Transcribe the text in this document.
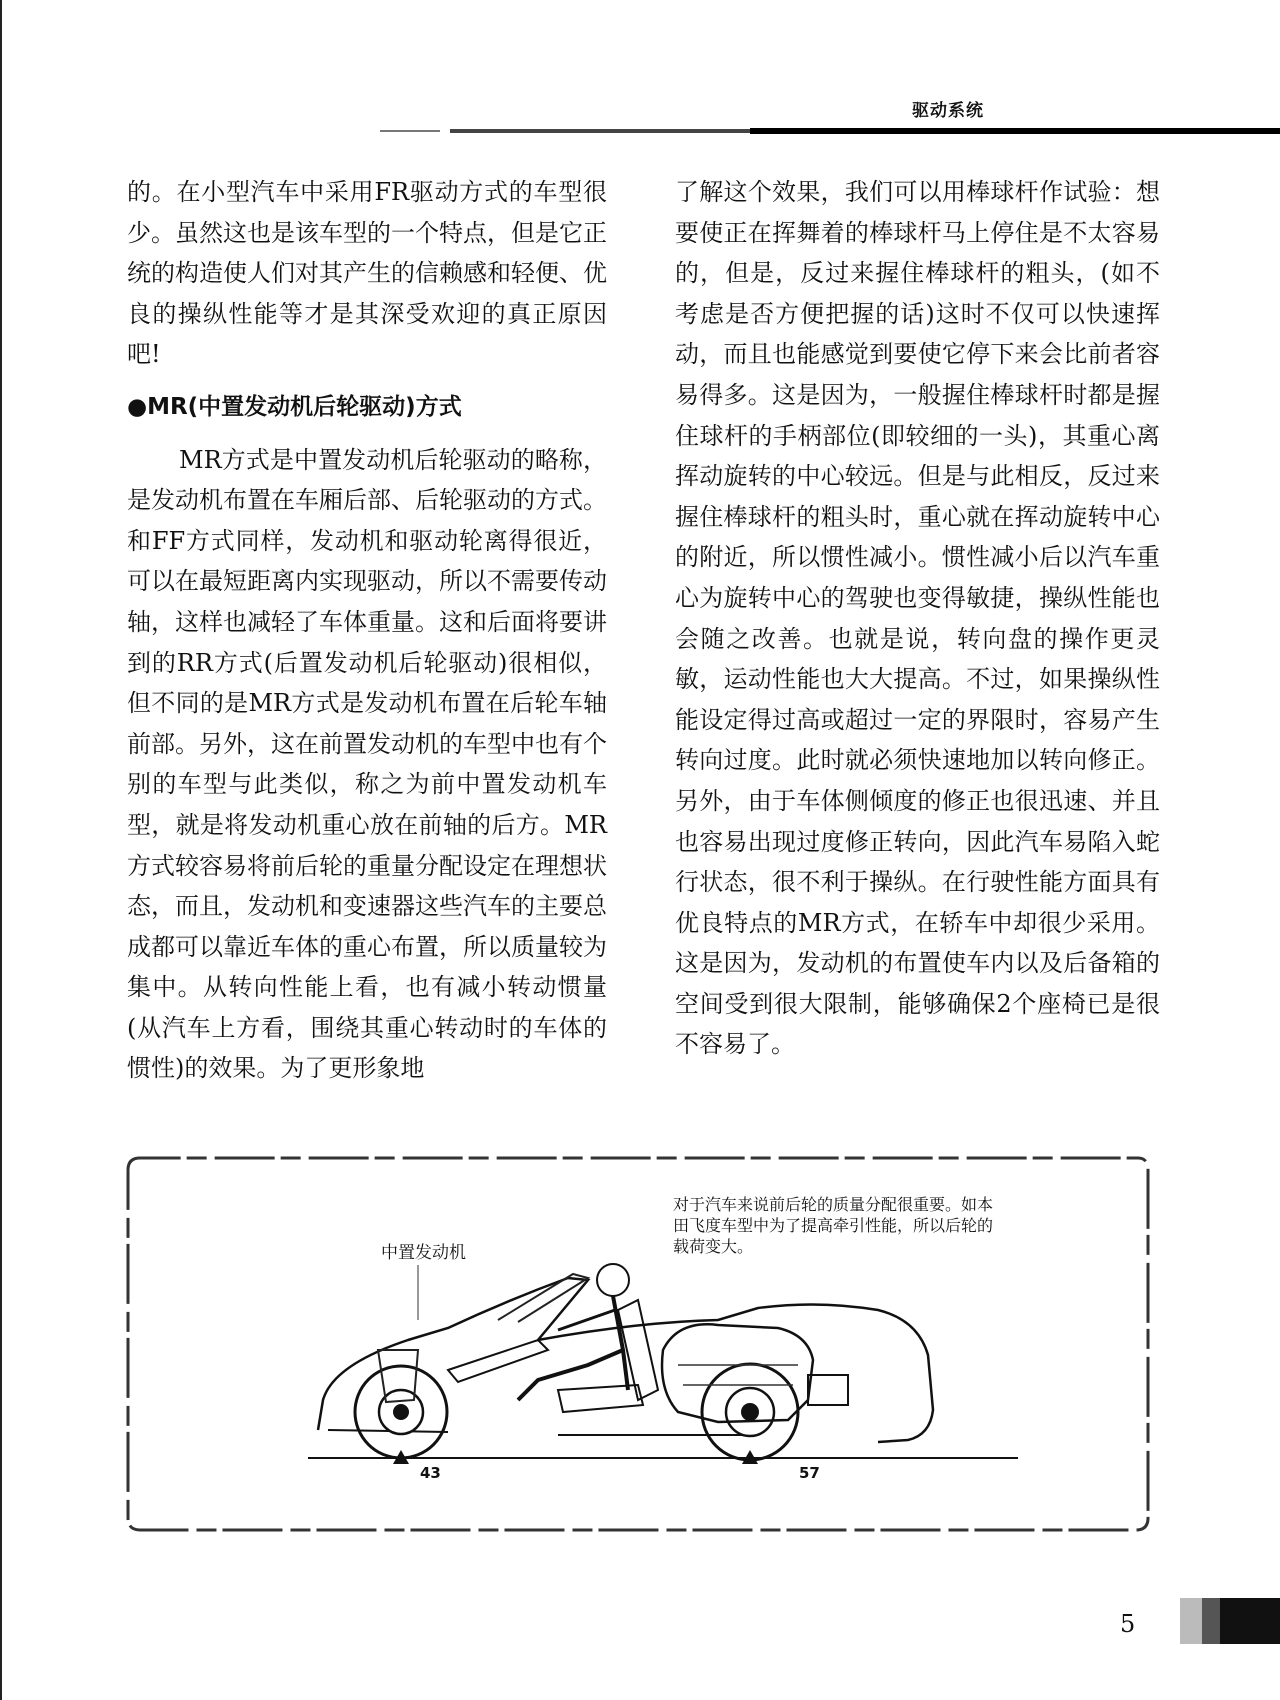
驱动系统

的。在小型汽车中采用FR驱动方式的车型很少。虽然这也是该车型的一个特点，但是它正统的构造使人们对其产生的信赖感和轻便、优良的操纵性能等才是其深受欢迎的真正原因吧!

●MR(中置发动机后轮驱动)方式

MR方式是中置发动机后轮驱动的略称，是发动机布置在车厢后部、后轮驱动的方式。和FF方式同样，发动机和驱动轮离得很近，可以在最短距离内实现驱动，所以不需要传动轴，这样也减轻了车体重量。这和后面将要讲到的RR方式(后置发动机后轮驱动)很相似，但不同的是MR方式是发动机布置在后轮车轴前部。另外，这在前置发动机的车型中也有个别的车型与此类似，称之为前中置发动机车型，就是将发动机重心放在前轴的后方。MR方式较容易将前后轮的重量分配设定在理想状态，而且，发动机和变速器这些汽车的主要总成都可以靠近车体的重心布置，所以质量较为集中。从转向性能上看，也有减小转动惯量(从汽车上方看，围绕其重心转动时的车体的惯性)的效果。为了更形象地

了解这个效果，我们可以用棒球杆作试验：想要使正在挥舞着的棒球杆马上停住是不太容易的，但是，反过来握住棒球杆的粗头，(如不考虑是否方便把握的话)这时不仅可以快速挥动，而且也能感觉到要使它停下来会比前者容易得多。这是因为，一般握住棒球杆时都是握住球杆的手柄部位(即较细的一头)，其重心离挥动旋转的中心较远。但是与此相反，反过来握住棒球杆的粗头时，重心就在挥动旋转中心的附近，所以惯性减小。惯性减小后以汽车重心为旋转中心的驾驶也变得敏捷，操纵性能也会随之改善。也就是说，转向盘的操作更灵敏，运动性能也大大提高。不过，如果操纵性能设定得过高或超过一定的界限时，容易产生转向过度。此时就必须快速地加以转向修正。另外，由于车体侧倾度的修正也很迅速、并且也容易出现过度修正转向，因此汽车易陷入蛇行状态，很不利于操纵。在行驶性能方面具有优良特点的MR方式，在轿车中却很少采用。这是因为，发动机的布置使车内以及后备箱的空间受到很大限制，能够确保2个座椅已是很不容易了。

中置发动机
对于汽车来说前后轮的质量分配很重要。如本田飞度车型中为了提高牵引性能，所以后轮的载荷变大。
43	57
5
